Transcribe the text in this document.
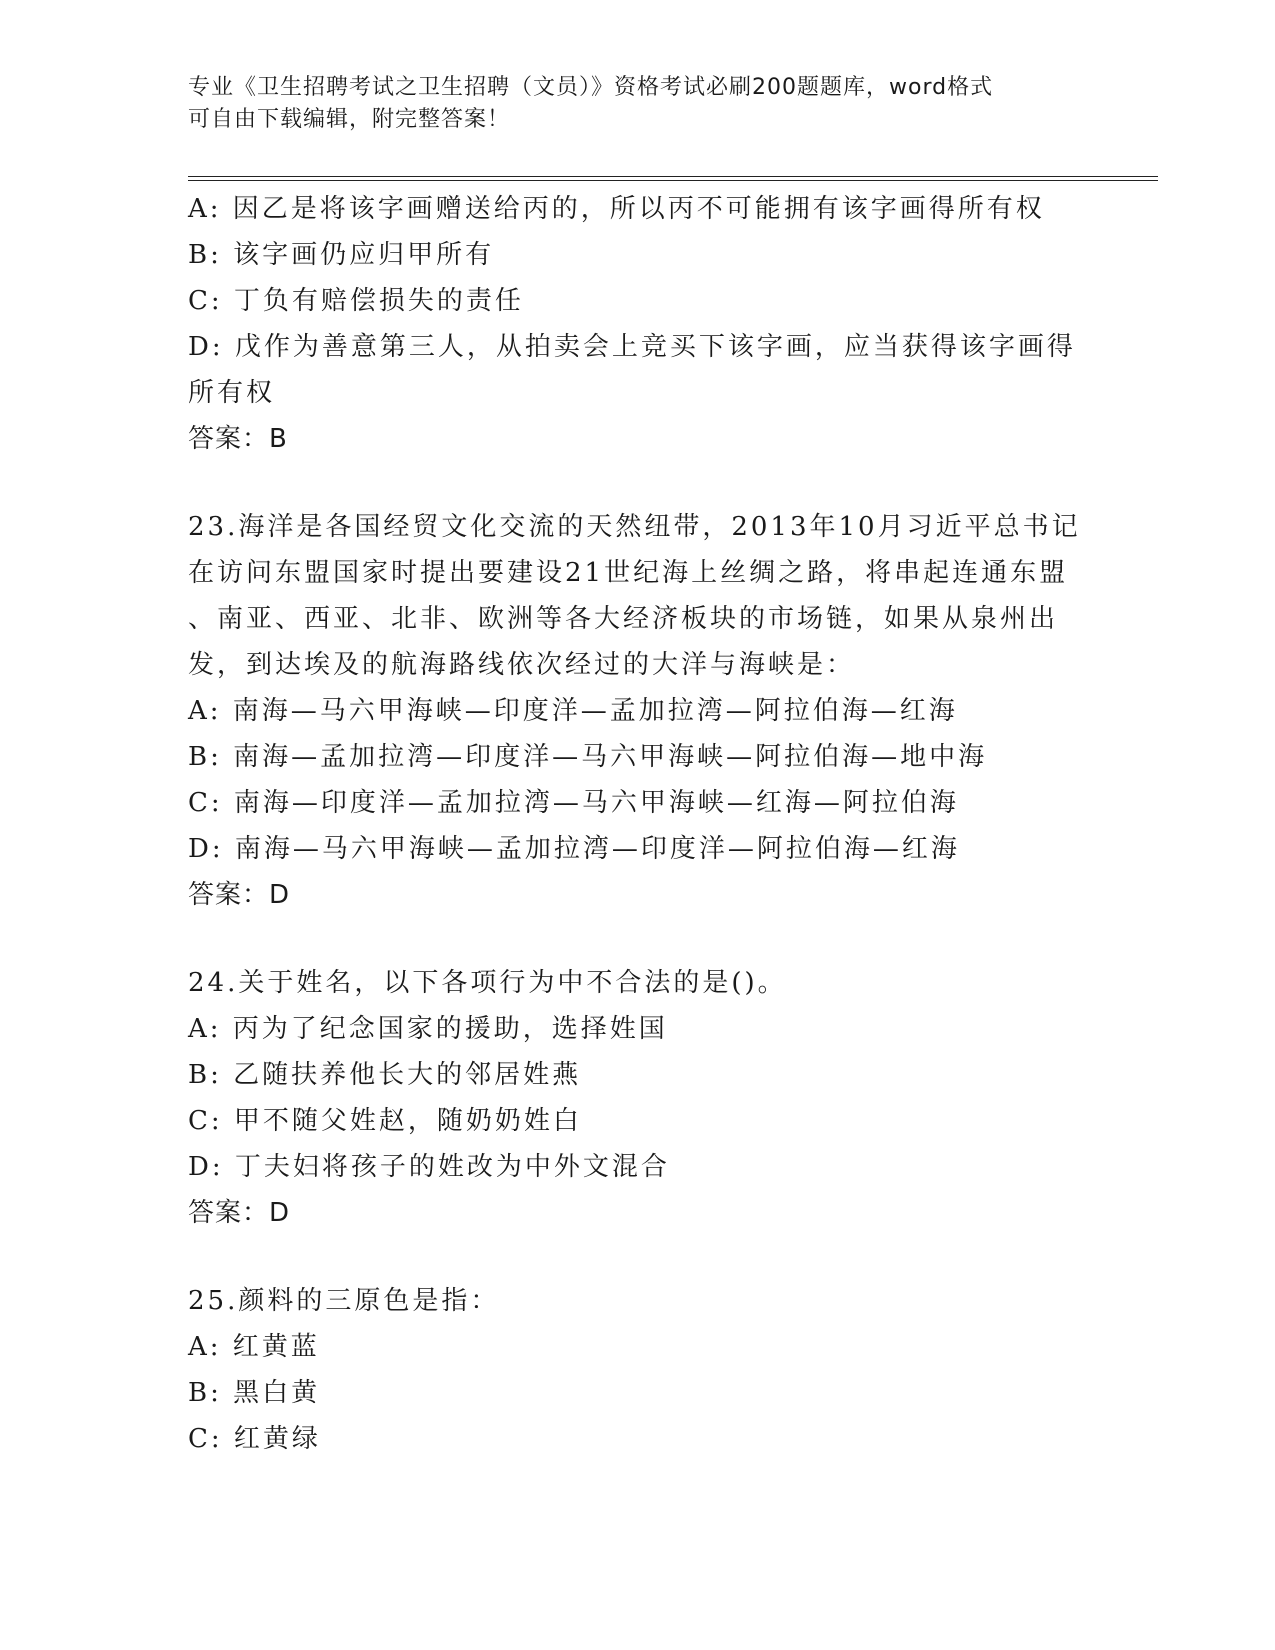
专业《卫生招聘考试之卫生招聘（文员）》资格考试必刷200题题库，word格式
可自由下载编辑，附完整答案！
A: 因乙是将该字画赠送给丙的，所以丙不可能拥有该字画得所有权
B: 该字画仍应归甲所有
C: 丁负有赔偿损失的责任
D: 戊作为善意第三人，从拍卖会上竞买下该字画，应当获得该字画得
所有权
答案：B
23.海洋是各国经贸文化交流的天然纽带，2013年10月习近平总书记
在访问东盟国家时提出要建设21世纪海上丝绸之路，将串起连通东盟
、南亚、西亚、北非、欧洲等各大经济板块的市场链，如果从泉州出
发，到达埃及的航海路线依次经过的大洋与海峡是：
A: 南海—马六甲海峡—印度洋—孟加拉湾—阿拉伯海—红海
B: 南海—孟加拉湾—印度洋—马六甲海峡—阿拉伯海—地中海
C: 南海—印度洋—孟加拉湾—马六甲海峡—红海—阿拉伯海
D: 南海—马六甲海峡—孟加拉湾—印度洋—阿拉伯海—红海
答案：D
24.关于姓名，以下各项行为中不合法的是()。
A: 丙为了纪念国家的援助，选择姓国
B: 乙随扶养他长大的邻居姓燕
C: 甲不随父姓赵，随奶奶姓白
D: 丁夫妇将孩子的姓改为中外文混合
答案：D
25.颜料的三原色是指：
A: 红黄蓝
B: 黑白黄
C: 红黄绿
